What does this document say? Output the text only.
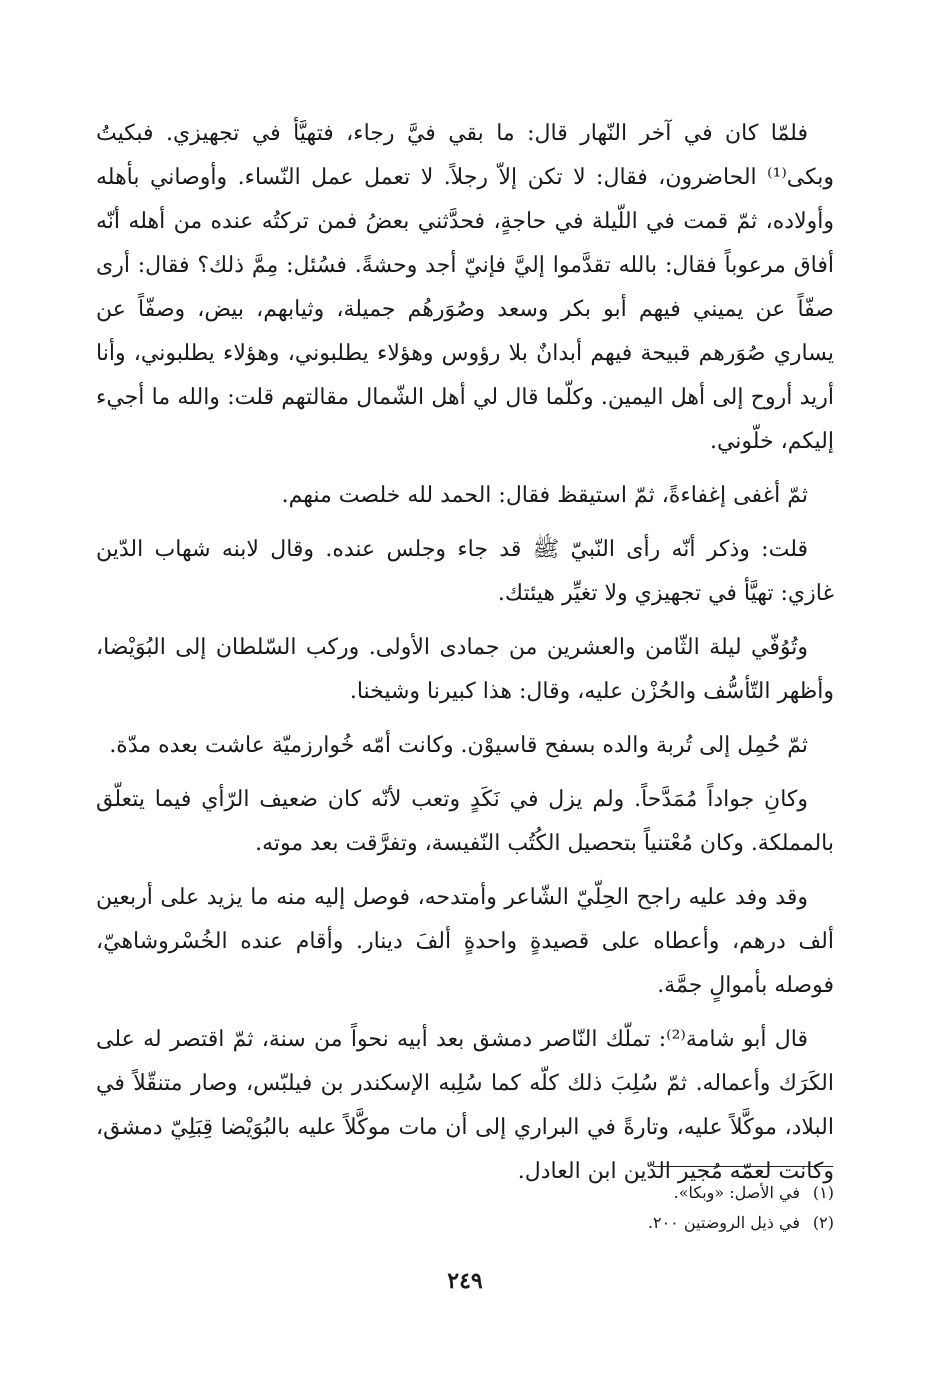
فلمّا كان في آخر النّهار قال: ما بقي فيَّ رجاء، فتهيَّأ في تجهيزي. فبكيتُ وبكى⁽¹⁾ الحاضرون، فقال: لا تكن إلاّ رجلاً. لا تعمل عمل النّساء. وأوصاني بأهله وأولاده، ثمّ قمت في اللّيلة في حاجةٍ، فحدَّثني بعضُ فمن تركتُه عنده من أهله أنّه أفاق مرعوباً فقال: بالله تقدَّموا إليَّ فإنيّ أجد وحشةً. فسُئل: مِمَّ ذلك؟ فقال: أرى صفّاً عن يميني فيهم أبو بكر وسعد وصُوَرهُم جميلة، وثيابهم، بيض، وصفّاً عن يساري صُوَرهم قبيحة فيهم أبدانٌ بلا رؤوس وهؤلاء يطلبوني، وهؤلاء يطلبوني، وأنا أريد أروح إلى أهل اليمين. وكلّما قال لي أهل الشّمال مقالتهم قلت: والله ما أجيء إليكم، خلّوني.

ثمّ أغفى إغفاءةً، ثمّ استيقظ فقال: الحمد لله خلصت منهم.

قلت: وذكر أنّه رأى النّبيّ ﷺ قد جاء وجلس عنده. وقال لابنه شهاب الدّين غازي: تهيَّأ في تجهيزي ولا تغيِّر هيئتك.

وتُوُفّي ليلة الثّامن والعشرين من جمادى الأولى. وركب السّلطان إلى البُوَيْضا، وأظهر التّأسُّف والحُزْن عليه، وقال: هذا كبيرنا وشيخنا.

ثمّ حُمِل إلى تُربة والده بسفح قاسيوْن. وكانت أمّه خُوارزميّة عاشت بعده مدّة.

وكانِ جواداً مُمَدَّحاً. ولم يزل في نَكَدٍ وتعب لأنّه كان ضعيف الرّأي فيما يتعلّق بالمملكة. وكان مُعْتنياً بتحصيل الكُتُب النّفيسة، وتفرَّقت بعد موته.

وقد وفد عليه راجح الحِلّيّ الشّاعر وأمتدحه، فوصل إليه منه ما يزيد على أربعين ألف درهم، وأعطاه على قصيدةٍ واحدةٍ ألفَ دينار. وأقام عنده الخُسْروشاهيّ، فوصله بأموالٍ جمَّة.

قال أبو شامة⁽²⁾: تملّك النّاصر دمشق بعد أبيه نحواً من سنة، ثمّ اقتصر له على الكَرَك وأعماله. ثمّ سُلِبَ ذلك كلّه كما سُلِبه الإسكندر بن فيلبّس، وصار متنقّلاً في البلاد، موكَّلاً عليه، وتارةً في البراري إلى أن مات موكَّلاً عليه بالبُوَيْضا قِبَلِيّ دمشق، وكانت لعمّه مُجير الدّين ابن العادل.

(١)في الأصل: «وبكا».

(٢)في ذيل الروضتين ٢٠٠.

٢٤٩
